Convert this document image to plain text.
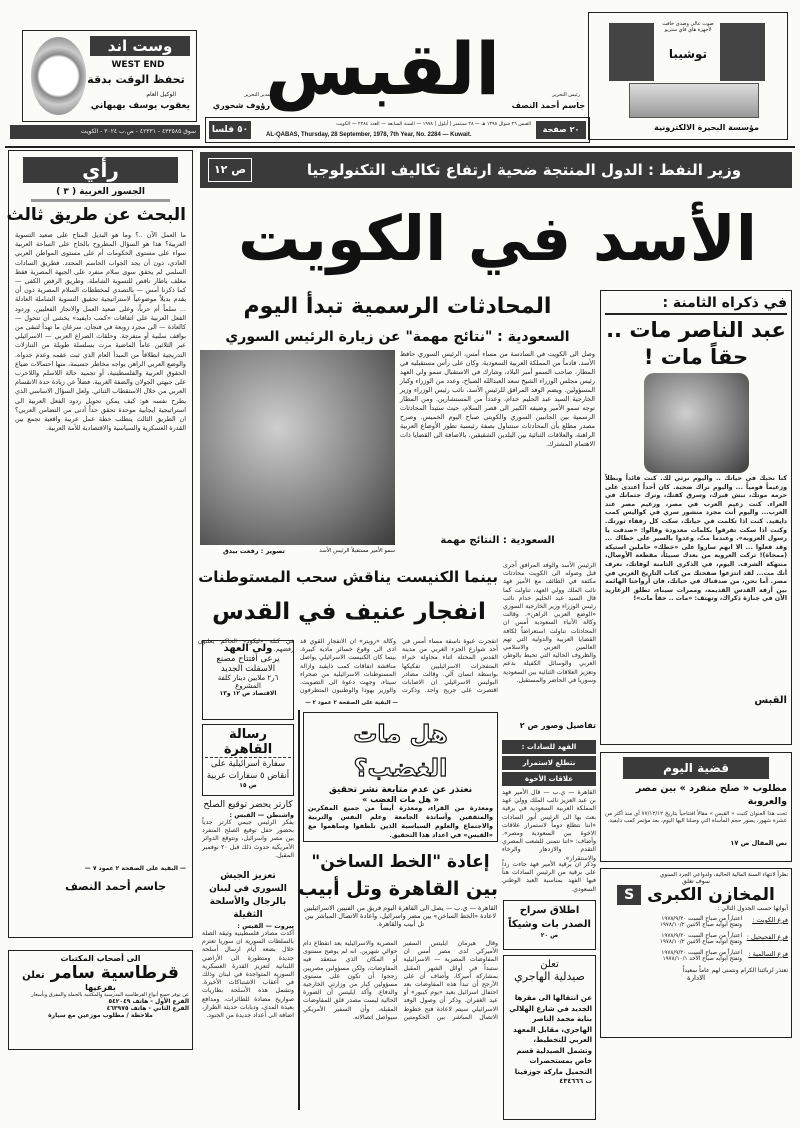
وست اند
WEST END
تحفظ الوقت بدقة
الوكيل العام
يعقوب يوسف بهبهاني
سوق ٤٣٣٥٨٥ - ٤٢٣٣١ - ص.ب ٣٠٢٤ - الكويت
القبس
مدير التحرير
رؤوف شحوري
رئيس التحرير
جاسم أحمد النصف
٥٠ فلسا
القبس ٢٦ شوال ١٣٩٨ هـ — ٢٨ سبتمبر ( أيلول ) ١٩٧٨ — السنة السابعة — العدد ٢٢٨٤ — الكويت
AL-QABAS, Thursday, 28 September, 1978, 7th Year, No. 2284 — Kuwait.
٢٠ صفحة
صوت عالي وصدى خافت لأجهزة هاي فاي ستريو
توشيبا
مؤسسة البحيرة الالكترونية
وزير النفط : الدول المنتجة ضحية ارتفاع تكاليف التكنولوجيا
ص ١٢
رأي
الجسور العربية ( ٣ )
البحث عن طريق ثالث
ما العمل الآن ..؟ وما هو البديل المتاح على صعيد التسوية العربية؟ هذا هو السؤال المطروح بالحاح على الساحة العربية سواء على مستوى الحكومات أم على مستوى المواطن العربي العادي، دون أن يجد الجواب الحاسم المحدد. فطريق السادات السلمي لم يحقق سوى سلام منفرد على الجبهة المصرية فقط مغلف باطار ناقص للتسوية الشاملة. وطريق الرفض الكفى — كما ذكرنا أمس — بالتصدي لمخططات السلام المصرية دون أن يقدم بديلاً موضوعياً لاستراتيجية تحقيق التسوية الشاملة العادلة ... سلماً أم حرباً، وعلى صعيد العمل والانجاز الفعليين. وردود الفعل العربية على اتفاقات «كمب دايفيد» يخشى أن تتحول — كالعادة — الى مجرد زوبعة في فنجان، سرعان ما تهدأ لتبقى من بواقف سلبية أو متفرجة. وحلقات الصراع العربي — الاسرائيلي عبر الثلاثين عاماً الماضية مرت بسلسلة طويلة من التنازلات التدريجية انطلاقاً من المبدأ العام الذي ثبت عقمه وعدم جدواه. والوضع العربي الراهن يواجه مخاطر جسيمة، منها احتمالات ضياع الحقوق العربية والفلسطينية، أو تجميد حالة اللاسلم واللاحرب على جبهتي الجولان والضفة الغربية، فضلاً عن زيادة حدة الانقسام العربي من خلال الاستقطاب الثنائي. ولعل السؤال الاساسي الذي يطرح نفسه هو: كيف يمكن تحويل ردود الفعل العربية الى استراتيجية ايجابية موحدة تحقق حداً أدنى من التضامن العربي؟ ان الطريق الثالث يتطلب خطة عمل عربية واقعية تجمع بين القدرة العسكرية والسياسية والاقتصادية للأمة العربية.
— البقية على الصفحة ٢ عمود ٧ —
جاسم أحمد النصف
الى أصحاب المكتبات
قرطاسية سامر
تعلن
بفرعيها
عن توفر جميع أنواع القرطاسية المدرسية والمكتبية بالجملة والمفرق وبأسعار
الفرع الأول - هاتف ٥٤٢٠٤٩
الفرع الثاني - هاتف ٤٦٣٩٧٥
ملاحظة / مطلوب موزعين مع سيارة
الأسد في الكويت
المحادثات الرسمية تبدأ اليوم
السعودية : "نتائج مهمة" عن زيارة الرئيس السوري
سمو الأمير مستقبلاً الرئيس الأسد
تصوير : رفعت بيدق
وصل الى الكويت في السادسة من مساء أمس، الرئيس السوري حافظ الأسد، قادماً من المملكة العربية السعودية. وكان على رأس مستقبليه في المطار، صاحب السمو أمير البلاد، وشارك في الاستقبال سمو ولي العهد رئيس مجلس الوزراء الشيخ سعد العبدالله الصباح، وعدد من الوزراء وكبار المسؤولين. ويضم الوفد المرافق للرئيس الأسد، نائب رئيس الوزراء وزير الخارجية السيد عبد الحليم خدام، وعدداً من المستشارين. ومن المطار توجه سمو الأمير وضيفه الكبير الى قصر السلام، حيث ستبدأ المحادثات الرسمية بين الجانبين السوري والكويتي صباح اليوم الخميس. وصرح مصدر مطلع بأن المحادثات ستتناول بصفة رئيسية تطور الأوضاع العربية الراهنة، والعلاقات الثنائية بين البلدين الشقيقين، بالاضافة الى القضايا ذات الاهتمام المشترك.
السعودية : النتائج مهمة
الرئيس الأسد والوفد المرافق أجرى قبل وصوله الى الكويت محادثات مكثفة في الطائف مع الأمير فهد نائب الملك وولي العهد، تناولت كما قال السيد عبد الحليم خدام نائب رئيس الوزراء وزير الخارجية السوري «الوضع العربي الراهن». وقالت وكالة الأنباء السعودية أمس ان المحادثات تناولت استعراضاً لكافة القضايا العربية والدولية التي تهم العالمين العربي والاسلامي والظروف الحالية التي تحيط بالوطن العربي والوسائل الكفيلة بدعم وتعزيز العلاقات الثنائية بين السعودية وسوريا في الحاضر والمستقبل.
تفاصيل وصور ص ٢
بينما الكنيست يناقش سحب المستوطنات
انفجار عنيف في القدس
انفجرت عبوة ناسفة مساء أمس في أحد شوارع الجزء الغربي من مدينة القدس المحتلة اثناء محاولة خبراء المتفجرات الاسرائيليين تفكيكها بواسطة انسان آلي. وقالت مصادر البوليس الاسرائيلي ان الاصابات اقتصرت على جريح واحد. وذكرت وكالة «رويتر» ان الانفجار القوي قد ادى الى وقوع خسائر مادية كبيرة. بينما كان الكنيست الاسرائيلي يواصل مناقشة اتفاقات كمب دايفيد وازالة المستوطنات الاسرائيلية من صحراء سيناء، وجهت دعوة الى التصويت. والوزير يهودا والوطنيون المتطرفون في كتلة «ليكود» الحاكم يعلنون رفضهم.
— البقية على الصفحة ٢ عمود ٢ —
ولي العهد
يرعى افتتاح مصنع الاسفلت الجديد
٦ر٢ ملايين دينار كلفة المشروع
الاقتصاد ص ١٢ و١٣
رسالة القاهرة
سفارة اسرائيلية على أنقاض ٥ سفارات عربية
ص ١٥
كارتر يحضر توقيع الصلح
واشنطن — القبس :
يفكر الرئيس جيمي كارتر جدياً بحضور حفل توقيع الصلح المنفرد بين مصر واسرائيل، وتتوقع الدوائر الأمريكية حدوث ذلك قبل ٢٠ نوفمبر المقبل.
تعزيز الجيش السوري في لبنان بالرجال والأسلحة الثقيلة
بيروت — القبس :
أكدت مصادر فلسطينية وثيقة الصلة بالسلطات السورية ان سوريا تعتزم خلال بضعة أيام ارسال أسلحة جديدة ومتطورة الى الأراضي اللبنانية لتعزيز القدرة العسكرية السورية المتواجدة في لبنان وذلك في أعقاب الاشتباكات الأخيرة. وتشمل هذه الأسلحة بطاريات صواريخ مضادة للطائرات، ومدافع بعيدة المدى، ودبابات حديثة الطراز، اضافة الى أعداد جديدة من الجنود.
هل مات الغضب؟
نعتذر عن عدم متابعة نشر تحقيق
« هل مات الغضب »
ومعذرة من القراء، ومعذرة أيضاً من جميع المفكرين والمثقفين وأساتذة الجامعة وعلم النفس والتربية والاجتماع والعلوم السياسية الذين تلطفوا وساهموا مع «القبس» في اعداد هذا التحقيق.
إعادة "الخط الساخن"
بين القاهرة وتل أبيب
القاهرة — ي.ب — يصل الى القاهرة اليوم فريق من الفنيين الاسرائيليين لاعادة «الخط الساخن» بين مصر واسرائيل، واعادة الاتصال المباشر بين تل أبيب والقاهرة.
وقال هيرمان ايليتس السفير الأميركي لدى مصر أمس ان المفاوضات المصرية — الاسرائيلية ستبدأ في أوائل الشهر المقبل بمشاركة أميركا، وأضاف أن على الأرجح أن تبدأ هذه المفاوضات بعد احتفال اسرائيل بعيد «يوم كيبور» أو عيد الغفران. وذكر أن وصول الوفد الاسرائيلي سيتم لاعادة فتح خطوط الاتصال المباشر بين الحكومتين المصرية والاسرائيلية بعد انقطاع دام حوالي شهرين. انه لم يوضح مستوى أو المكان الذي ستعقد فيه المفاوضات، ولكن مسؤولين مصريين رجحوا أن تكون على مستوى مسؤولين كبار من وزارتي الخارجية والدفاع. وأكد ايليتس أن الصورة الحالية ليست مصدر قلق للمفاوضات المقبلة، وأن السفير الأمريكي سيواصل اتصالاته.
الفهد للسادات :
نتطلع لاستمرار
علاقات الأخوة
القاهرة — ي.ب — قال الأمير فهد بن عبد العزيز نائب الملك وولي عهد المملكة العربية السعودية في برقية بعث بها الى الرئيس أنور السادات «اننا نتطلع دوماً لاستمرار علاقات الاخوة بين السعودية ومصر». وأضاف: «اننا نتمنى للشعب المصري التقدم والازدهار والرخاء والاستقرار».
وذكر ان برقية الأمير فهد جاءت رداً على برقية من الرئيس السادات هنأ فيها الفهد بمناسبة العيد الوطني السعودي.
اطلاق سراح الصدر بات وشيكاً
ص ٢٠
تعلن
صيدلية الهاجري
عن انتقالها الى مقرها الجديد في شارع الهلالي بناية محمد الناصر الهاجري، مقابل المعهد العربي للتخطيط، وتشمل الصيدلية قسم خاص بمستحضرات التجميل ماركة جوزفينا
ت ٤٣٤٦٦٦
في ذكراه الثامنة :
عبد الناصر مات .. حقاً مات !
كنا نحبك في حياتك .. واليوم نرثي لك. كنت قائداً وبطلاً وزعيماً قومياً ... واليوم نراك ضحية. كان أحداً اعتدى على حرمة موتك، نبش قبرك، وسرق كفنك، وترك جثمانك في العراء. كنت زعيم العرب في مصر، وزعيم مصر عند العرب... واليوم أنت مجرد منشور سري في كواليس كمب دايفيد. كنت اذا تكلمت في حياتك، سكت كل رفقاء ثورتك. وكنت اذا سكت تفرقوا بكلمات معدودة وقالوا: «صدقت يا رسول العروبة». وعندما متّ، وعدوا بالسير على خطاك ... وقد فعلوا ... الا انهم ساروا على «خطك» حاملين استيكة (ممحاة)! تركت العروبة من بعدك سبيئاً، مقطعة الأوصال، منتهكة الشرف. اليوم، في الذكرى الثامنة لوفاتك، نعرف أنك مت... لقد انتزعوا صفحتك من كتاب التاريخ العربي في مصر. أما نحن، من صدقناك في حياتك، فان أرواحنا الهائمة بين أزقة القدس القديمة، وممرات سيناء، تطلق الزغاريد الآن في جنازة ذكراك، وتهتف: «مات .. حقاً مات»!
القبس
قضية اليوم
مطلوب « صلح منفرد » بين مصر والعروبة
تحت هذا العنوان كتبت « القبس » مقالاً افتتاحياً بتاريخ ٧٧/١٢/١٢ أي منذ أكثر من عشرة شهور، يصور حجم المأساة التي وصلنا اليها اليوم، بعد مؤتمر كمب دايفيد.
نص المقال ص ١٧
نظراً لانتهاء السنة المالية الحالية، ولدواعي الجرد السنوي
سوف تغلق
المخازن الكبرى
S
أبوابها حسب الجدول التالي :
فرع الكويت :
اعتباراً من صباح السبت ١٩٧٨/٩/٣٠
وتفتح أبوابه صباح الاثنين ١٩٧٨/١٠/٢
فرع الفحيحيل :
اعتباراً من صباح السبت ١٩٧٨/٩/٣٠
وتفتح أبوابه صباح الاثنين ١٩٧٨/١٠/٢
فرع السالمية :
اعتباراً من صباح السبت ١٩٧٨/٩/٣٠
وتفتح أبوابه صباح الأحد ١٩٧٨/١٠/١
نعتذر لزبائننا الكرام ونتمنى لهم عاماً سعيداً
الادارة
